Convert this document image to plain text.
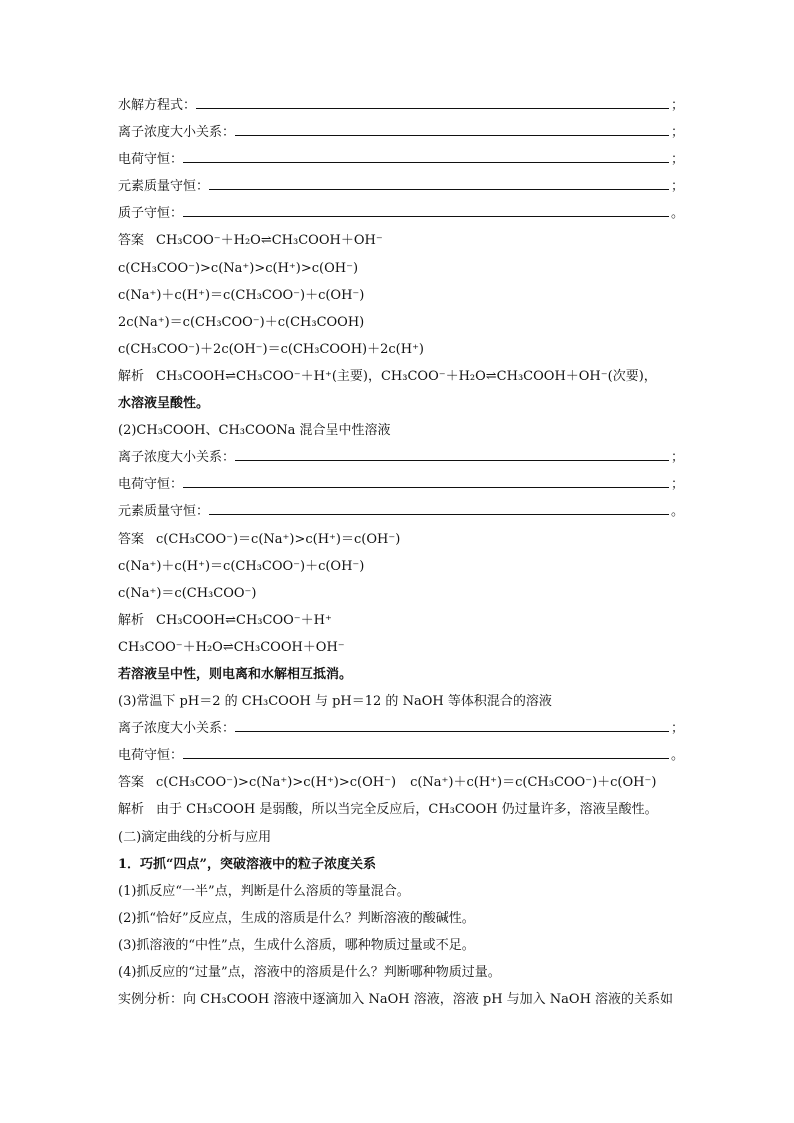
水解方程式：	；
离子浓度大小关系：	；
电荷守恒：	；
元素质量守恒：	；
质子守恒：	。
答案 CH₃COO⁻＋H₂O⇌CH₃COOH＋OH⁻
c(CH₃COO⁻)>c(Na⁺)>c(H⁺)>c(OH⁻)
c(Na⁺)＋c(H⁺)＝c(CH₃COO⁻)＋c(OH⁻)
2c(Na⁺)＝c(CH₃COO⁻)＋c(CH₃COOH)
c(CH₃COO⁻)＋2c(OH⁻)＝c(CH₃COOH)＋2c(H⁺)
解析 CH₃COOH⇌CH₃COO⁻＋H⁺(主要)，CH₃COO⁻＋H₂O⇌CH₃COOH＋OH⁻(次要)，
水溶液呈酸性。
(2)CH₃COOH、CH₃COONa 混合呈中性溶液
离子浓度大小关系：	；
电荷守恒：	；
元素质量守恒：	。
答案 c(CH₃COO⁻)＝c(Na⁺)>c(H⁺)＝c(OH⁻)
c(Na⁺)＋c(H⁺)＝c(CH₃COO⁻)＋c(OH⁻)
c(Na⁺)＝c(CH₃COO⁻)
解析 CH₃COOH⇌CH₃COO⁻＋H⁺
CH₃COO⁻＋H₂O⇌CH₃COOH＋OH⁻
若溶液呈中性，则电离和水解相互抵消。
(3)常温下 pH＝2 的 CH₃COOH 与 pH＝12 的 NaOH 等体积混合的溶液
离子浓度大小关系：	；
电荷守恒：	。
答案 c(CH₃COO⁻)>c(Na⁺)>c(H⁺)>c(OH⁻) c(Na⁺)＋c(H⁺)＝c(CH₃COO⁻)＋c(OH⁻)
解析 由于 CH₃COOH 是弱酸，所以当完全反应后，CH₃COOH 仍过量许多，溶液呈酸性。
(二)滴定曲线的分析与应用
1．巧抓“四点”，突破溶液中的粒子浓度关系
(1)抓反应“一半”点，判断是什么溶质的等量混合。
(2)抓“恰好”反应点，生成的溶质是什么？判断溶液的酸碱性。
(3)抓溶液的“中性”点，生成什么溶质，哪种物质过量或不足。
(4)抓反应的“过量”点，溶液中的溶质是什么？判断哪种物质过量。
实例分析：向 CH₃COOH 溶液中逐滴加入 NaOH 溶液，溶液 pH 与加入 NaOH 溶液的关系如
